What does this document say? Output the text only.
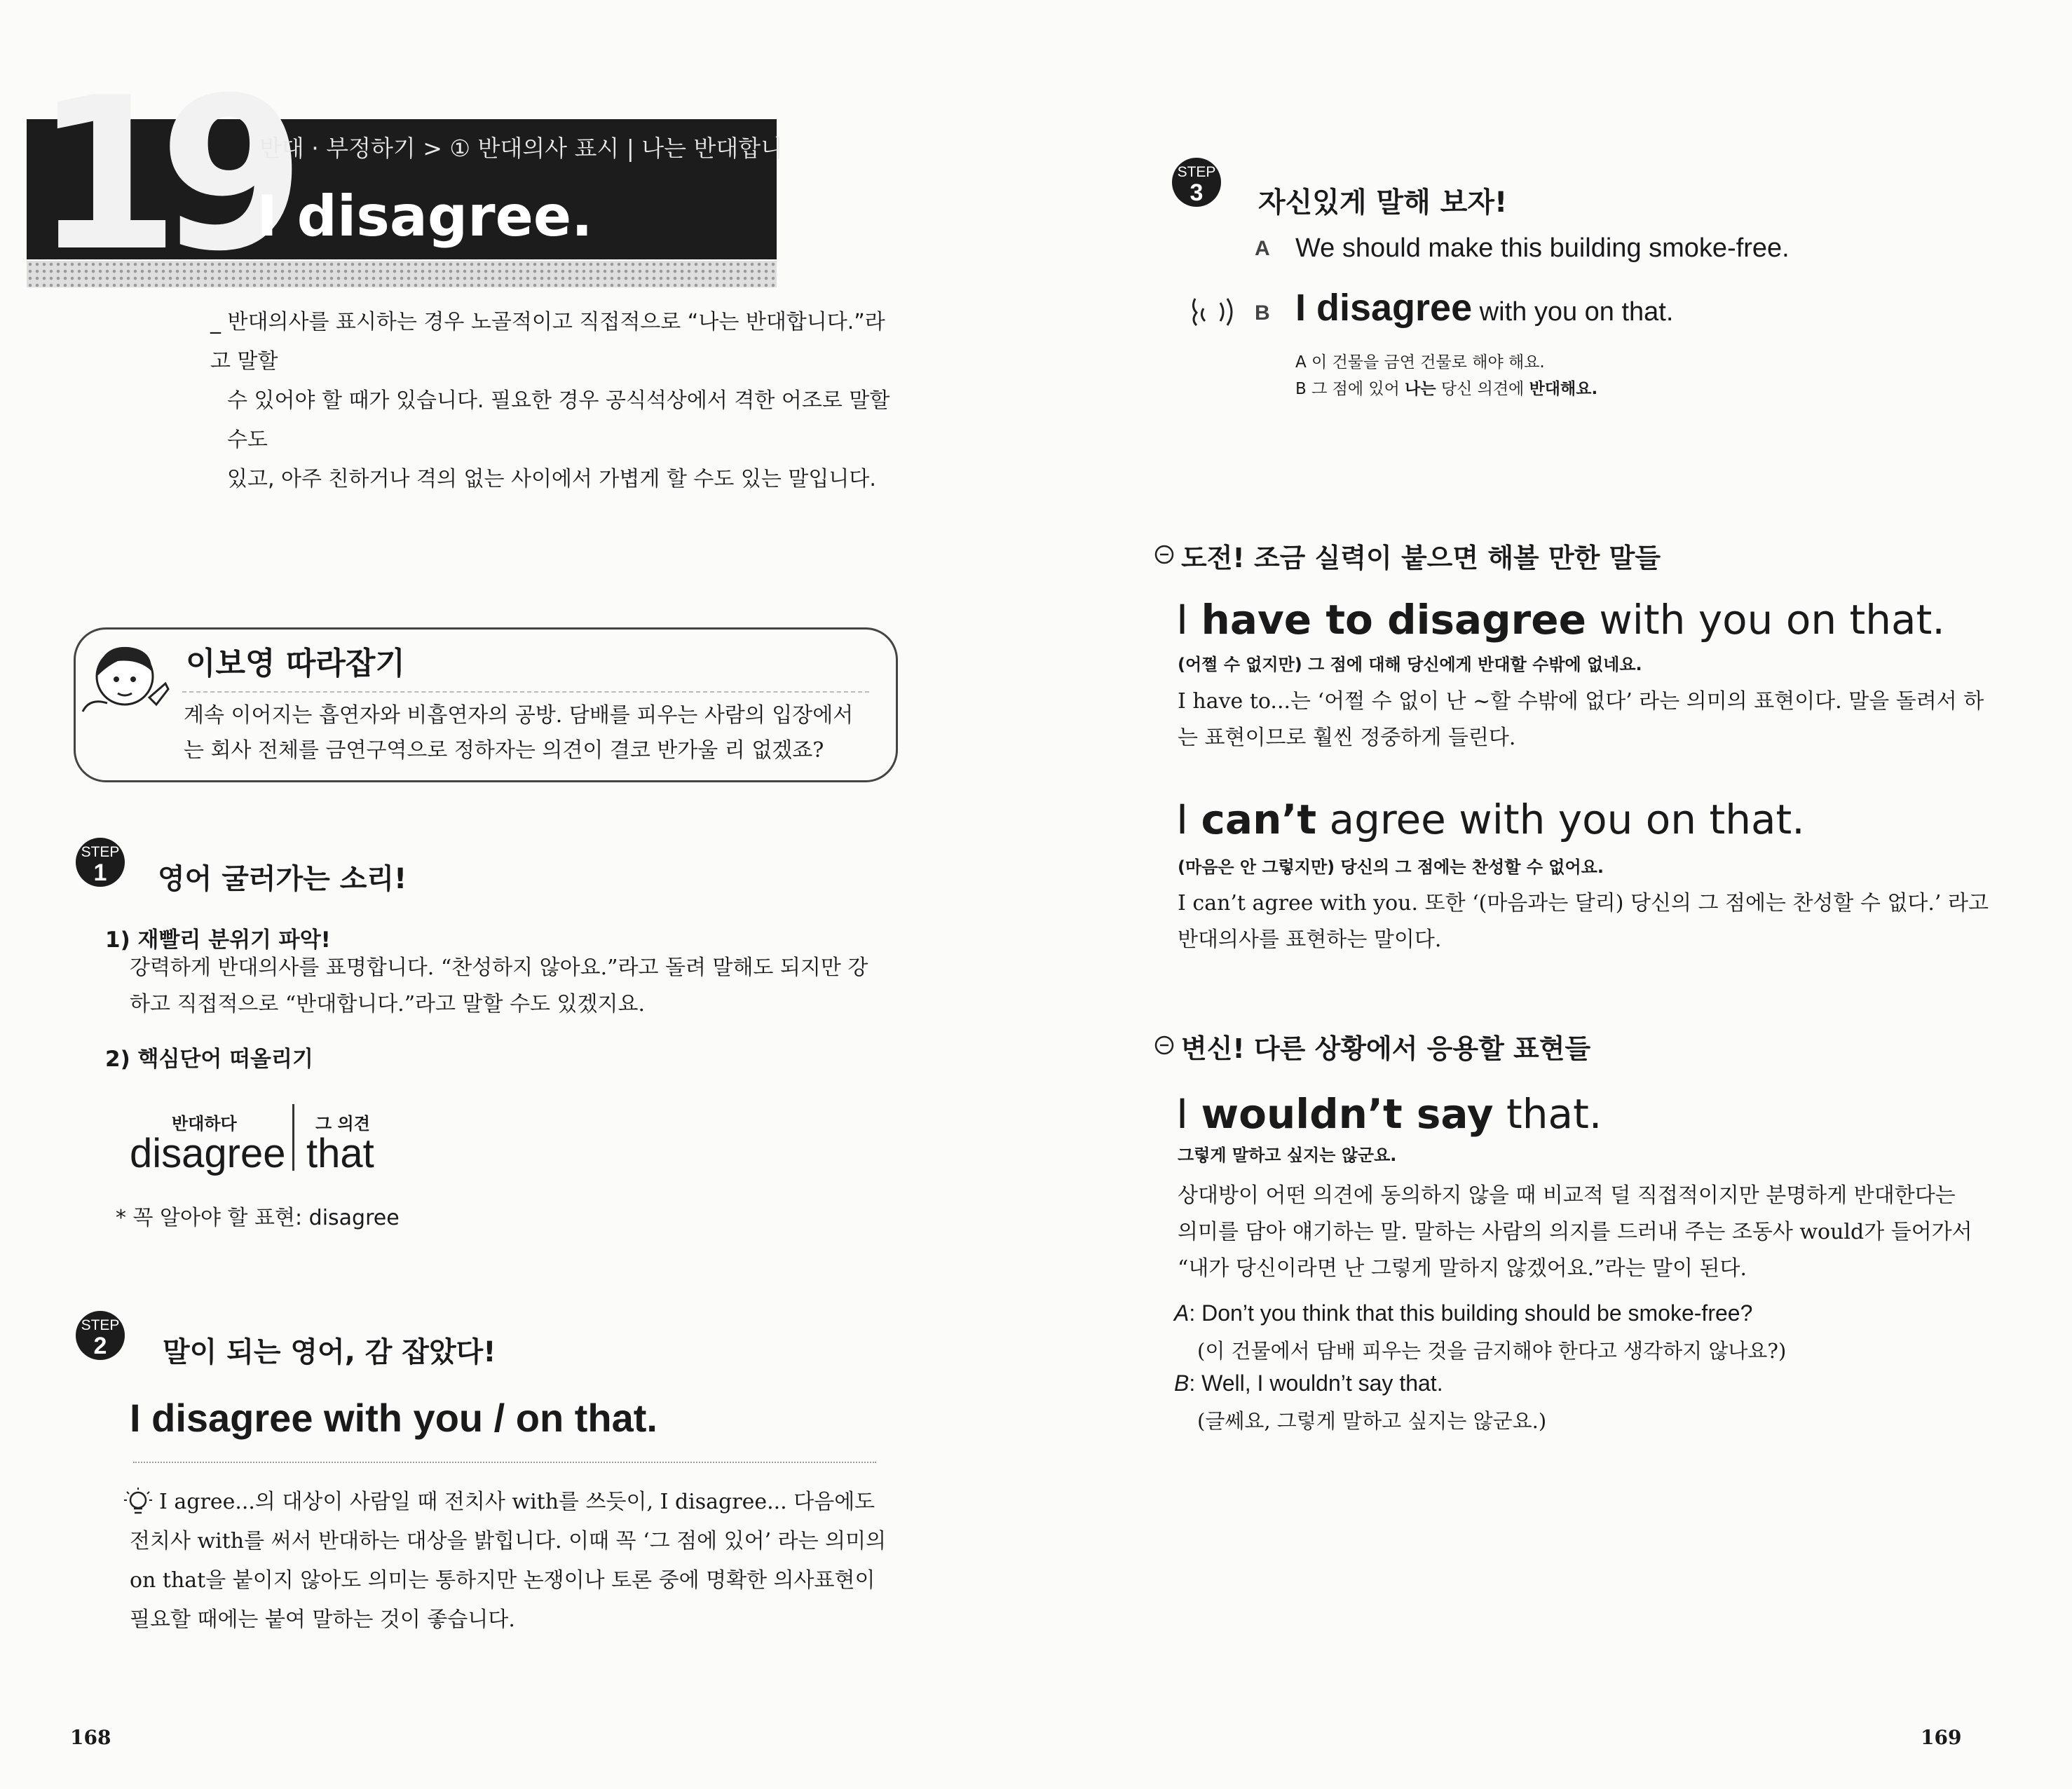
19
반대 · 부정하기 > ① 반대의사 표시 | 나는 반대합니
I disagree.
_ 반대의사를 표시하는 경우 노골적이고 직접적으로 “나는 반대합니다.”라고 말할
수 있어야 할 때가 있습니다. 필요한 경우 공식석상에서 격한 어조로 말할 수도
있고, 아주 친하거나 격의 없는 사이에서 가볍게 할 수도 있는 말입니다.
이보영 따라잡기
계속 이어지는 흡연자와 비흡연자의 공방. 담배를 피우는 사람의 입장에서
는 회사 전체를 금연구역으로 정하자는 의견이 결코 반가울 리 없겠죠?
STEP
1	영어 굴러가는 소리!
1) 재빨리 분위기 파악!
강력하게 반대의사를 표명합니다. “찬성하지 않아요.”라고 돌려 말해도 되지만 강
하고 직접적으로 “반대합니다.”라고 말할 수도 있겠지요.
2) 핵심단어 떠올리기
반대하다
disagree
그 의견
that
* 꼭 알아야 할 표현: disagree
STEP
2	말이 되는 영어, 감 잡았다!
I disagree with you / on that.
I agree...의 대상이 사람일 때 전치사 with를 쓰듯이, I disagree... 다음에도
전치사 with를 써서 반대하는 대상을 밝힙니다. 이때 꼭 ‘그 점에 있어’ 라는 의미의
on that을 붙이지 않아도 의미는 통하지만 논쟁이나 토론 중에 명확한 의사표현이
필요할 때에는 붙여 말하는 것이 좋습니다.
168
STEP
3	자신있게 말해 보자!
A We should make this building smoke-free.
B I disagree with you on that.
A 이 건물을 금연 건물로 해야 해요.
B 그 점에 있어 나는 당신 의견에 반대해요.
도전! 조금 실력이 붙으면 해볼 만한 말들
I have to disagree with you on that.
(어쩔 수 없지만) 그 점에 대해 당신에게 반대할 수밖에 없네요.
I have to...는 ‘어쩔 수 없이 난 ~할 수밖에 없다’ 라는 의미의 표현이다. 말을 돌려서 하
는 표현이므로 훨씬 정중하게 들린다.
I can’t agree with you on that.
(마음은 안 그렇지만) 당신의 그 점에는 찬성할 수 없어요.
I can’t agree with you. 또한 ‘(마음과는 달리) 당신의 그 점에는 찬성할 수 없다.’ 라고
반대의사를 표현하는 말이다.
변신! 다른 상황에서 응용할 표현들
I wouldn’t say that.
그렇게 말하고 싶지는 않군요.
상대방이 어떤 의견에 동의하지 않을 때 비교적 덜 직접적이지만 분명하게 반대한다는
의미를 담아 얘기하는 말. 말하는 사람의 의지를 드러내 주는 조동사 would가 들어가서
“내가 당신이라면 난 그렇게 말하지 않겠어요.”라는 말이 된다.
A: Don’t you think that this building should be smoke-free?
(이 건물에서 담배 피우는 것을 금지해야 한다고 생각하지 않나요?)
B: Well, I wouldn’t say that.
(글쎄요, 그렇게 말하고 싶지는 않군요.)
169
